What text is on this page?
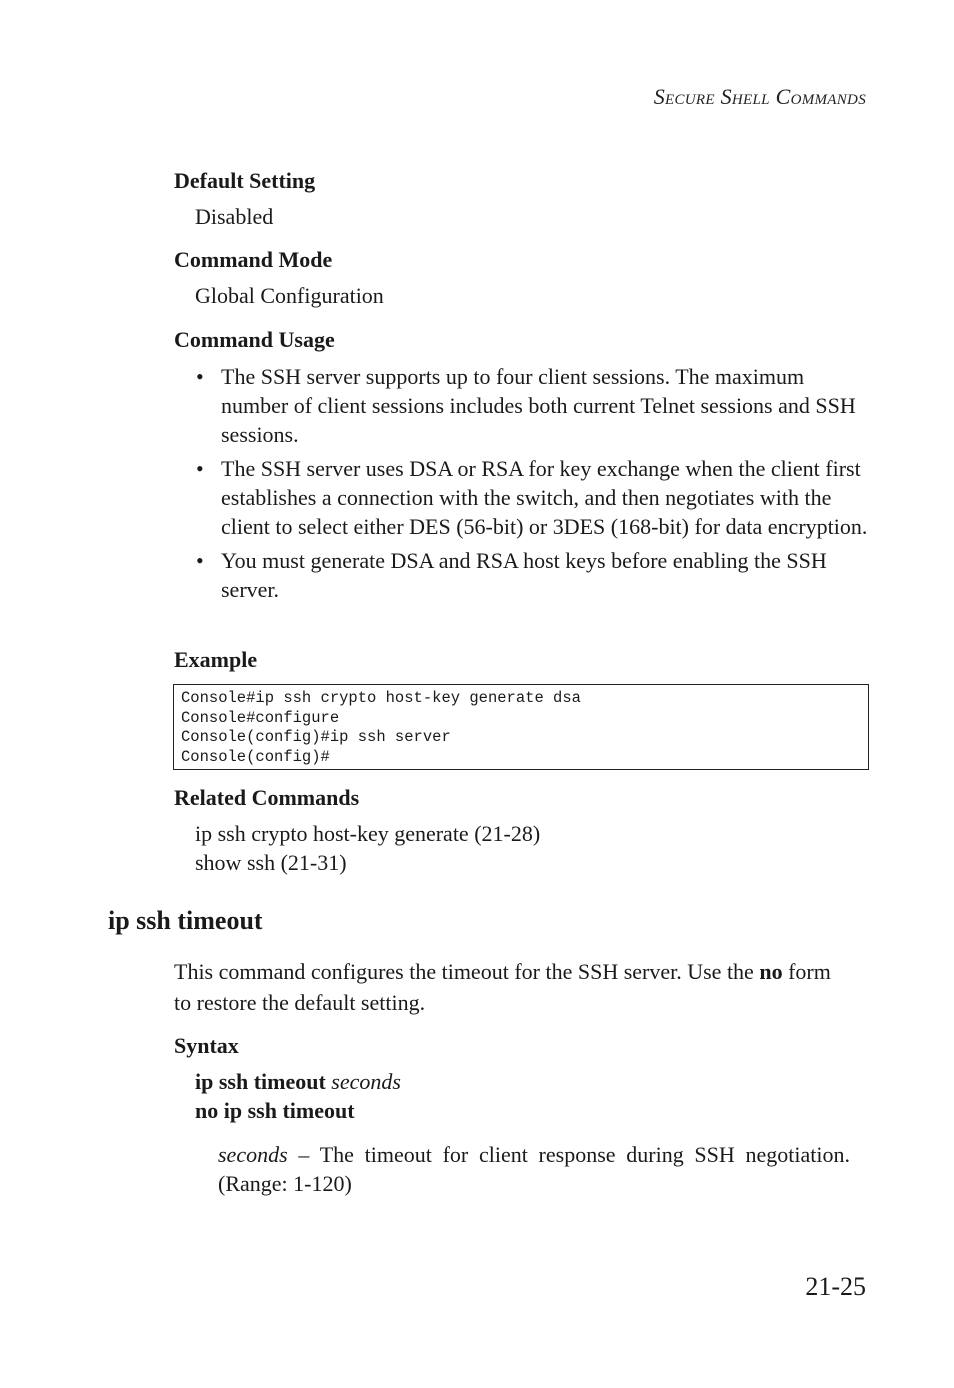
Secure Shell Commands
Default Setting
Disabled
Command Mode
Global Configuration
Command Usage
• The SSH server supports up to four client sessions. The maximum number of client sessions includes both current Telnet sessions and SSH sessions.
• The SSH server uses DSA or RSA for key exchange when the client first establishes a connection with the switch, and then negotiates with the client to select either DES (56-bit) or 3DES (168-bit) for data encryption.
• You must generate DSA and RSA host keys before enabling the SSH server.
Example
Console#ip ssh crypto host-key generate dsa
Console#configure
Console(config)#ip ssh server
Console(config)#
Related Commands
ip ssh crypto host-key generate (21-28)
show ssh (21-31)
ip ssh timeout
This command configures the timeout for the SSH server. Use the no form to restore the default setting.
Syntax
ip ssh timeout seconds
no ip ssh timeout
seconds – The timeout for client response during SSH negotiation. (Range: 1-120)
21-25
